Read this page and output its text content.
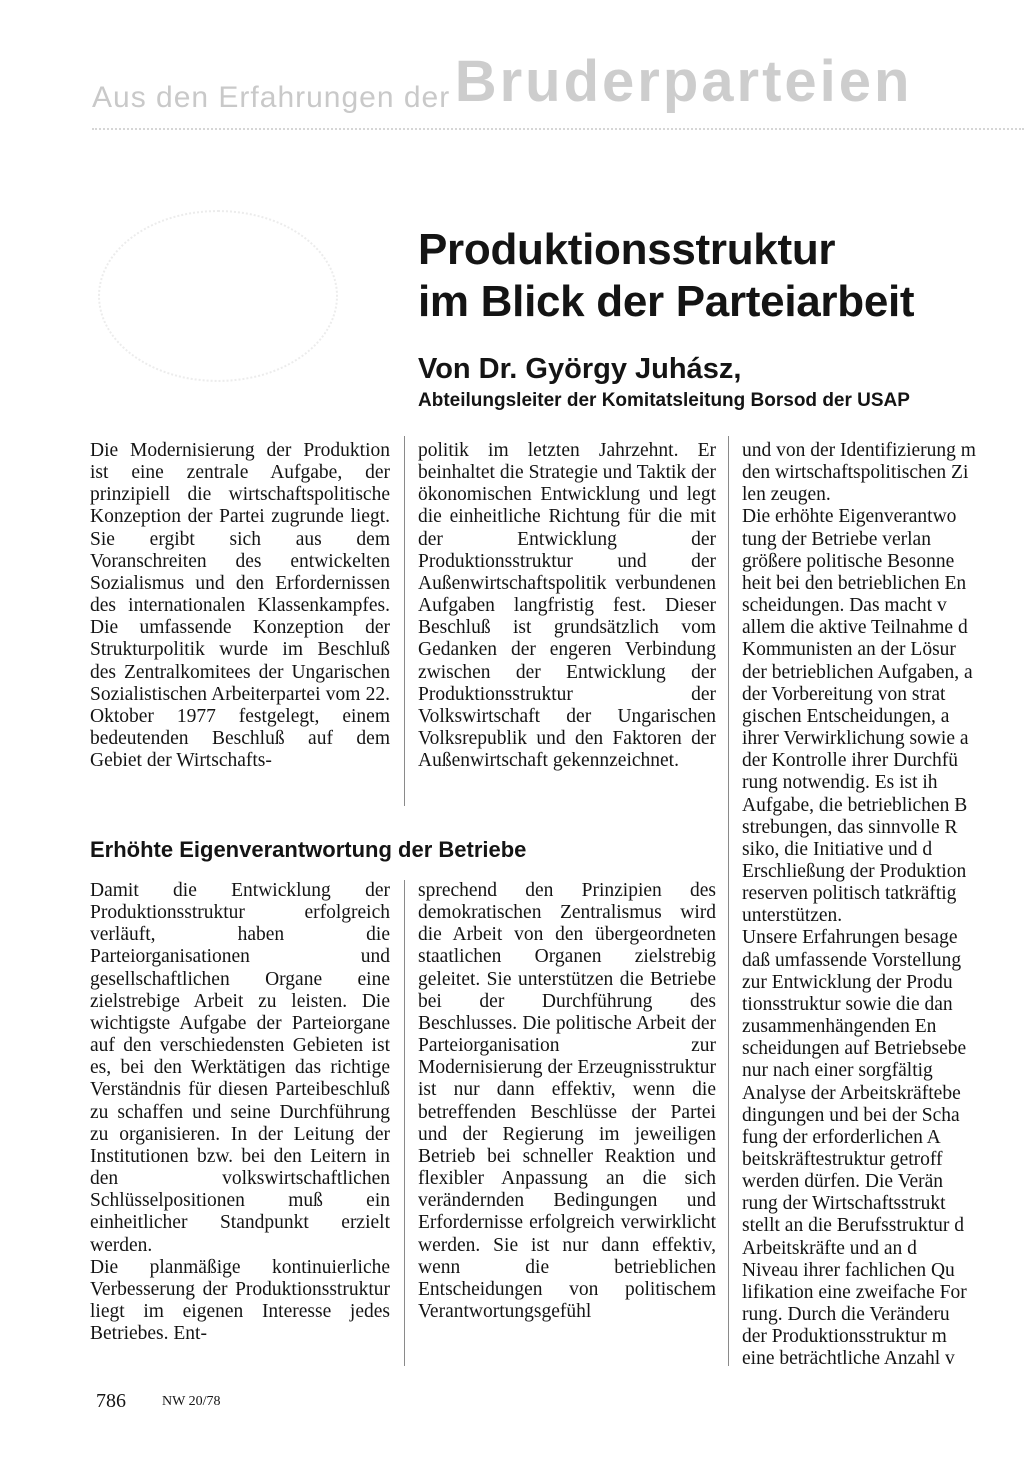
Aus den Erfahrungen der Bruderparteien
Produktionsstruktur
im Blick der Parteiarbeit
Von Dr. György Juhász,
Abteilungsleiter der Komitatsleitung Borsod der USAP

Die Modernisierung der Produktion ist eine zentrale Aufgabe, der prinzipiell die wirtschaftspolitische Konzeption der Partei zugrunde liegt. Sie ergibt sich aus dem Voranschreiten des entwickelten Sozialismus und den Erfordernissen des internationalen Klassenkampfes. Die umfassende Konzeption der Strukturpolitik wurde im Beschluß des Zentralkomitees der Ungarischen Sozialistischen Arbeiterpartei vom 22. Oktober 1977 festgelegt, einem bedeutenden Beschluß auf dem Gebiet der Wirtschafts-

politik im letzten Jahrzehnt. Er beinhaltet die Strategie und Taktik der ökonomischen Entwicklung und legt die einheitliche Richtung für die mit der Entwicklung der Produktionsstruktur und der Außenwirtschaftspolitik verbundenen Aufgaben langfristig fest. Dieser Beschluß ist grundsätzlich vom Gedanken der engeren Verbindung zwischen der Entwicklung der Produktionsstruktur der Volkswirtschaft der Ungarischen Volksrepublik und den Faktoren der Außenwirtschaft gekennzeichnet.

Erhöhte Eigenverantwortung der Betriebe

Damit die Entwicklung der Produktionsstruktur erfolgreich verläuft, haben die Parteiorganisationen und gesellschaftlichen Organe eine zielstrebige Arbeit zu leisten. Die wichtigste Aufgabe der Parteiorgane auf den verschiedensten Gebieten ist es, bei den Werktätigen das richtige Verständnis für diesen Parteibeschluß zu schaffen und seine Durchführung zu organisieren. In der Leitung der Institutionen bzw. bei den Leitern in den volkswirtschaftlichen Schlüsselpositionen muß ein einheitlicher Standpunkt erzielt werden.

Die planmäßige kontinuierliche Verbesserung der Produktionsstruktur liegt im eigenen Interesse jedes Betriebes. Ent-

sprechend den Prinzipien des demokratischen Zentralismus wird die Arbeit von den übergeordneten staatlichen Organen zielstrebig geleitet. Sie unterstützen die Betriebe bei der Durchführung des Beschlusses. Die politische Arbeit der Parteiorganisation zur Modernisierung der Erzeugnisstruktur ist nur dann effektiv, wenn die betreffenden Beschlüsse der Partei und der Regierung im jeweiligen Betrieb bei schneller Reaktion und flexibler Anpassung an die sich verändernden Bedingungen und Erfordernisse erfolgreich verwirklicht werden. Sie ist nur dann effektiv, wenn die betrieblichen Entscheidungen von politischem Verantwortungsgefühl

und von der Identifizierung m
den wirtschaftspolitischen Zi
len zeugen.
Die erhöhte Eigenverantwo
tung der Betriebe verlan
größere politische Besonne
heit bei den betrieblichen En
scheidungen. Das macht v
allem die aktive Teilnahme d
Kommunisten an der Lösur
der betrieblichen Aufgaben, a
der Vorbereitung von strat
gischen Entscheidungen, a
ihrer Verwirklichung sowie a
der Kontrolle ihrer Durchfü
rung notwendig. Es ist ih
Aufgabe, die betrieblichen B
strebungen, das sinnvolle R
siko, die Initiative und d
Erschließung der Produktion
reserven politisch tatkräftig
unterstützen.
Unsere Erfahrungen besage
daß umfassende Vorstellung
zur Entwicklung der Produ
tionsstruktur sowie die dan
zusammenhängenden En
scheidungen auf Betriebsebe
nur nach einer sorgfältig
Analyse der Arbeitskräftebe
dingungen und bei der Scha
fung der erforderlichen A
beitskräftestruktur getroff
werden dürfen. Die Verän
rung der Wirtschaftsstrukt
stellt an die Berufsstruktur d
Arbeitskräfte und an d
Niveau ihrer fachlichen Qu
lifikation eine zweifache For
rung. Durch die Veränderu
der Produktionsstruktur m
eine beträchtliche Anzahl v
786	NW 20/78
